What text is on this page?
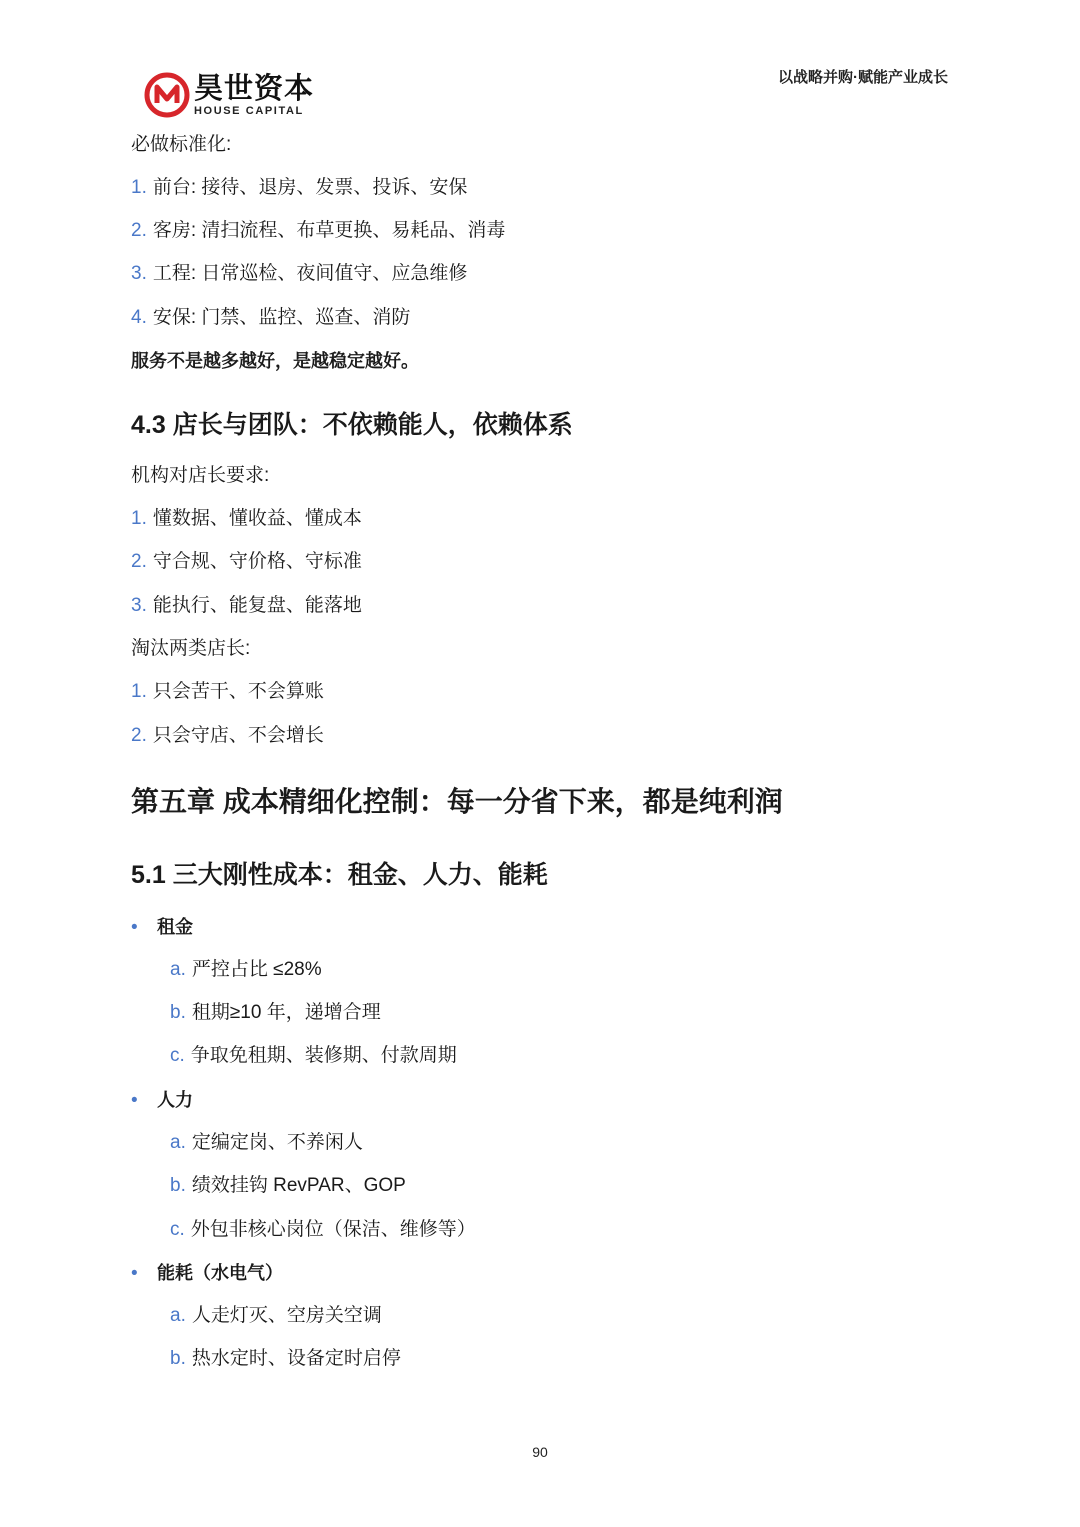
昊世资本
HOUSE CAPITAL
以战略并购·赋能产业成长
必做标准化:
1. 前台: 接待、退房、发票、投诉、安保
2. 客房: 清扫流程、布草更换、易耗品、消毒
3. 工程: 日常巡检、夜间值守、应急维修
4. 安保: 门禁、监控、巡查、消防
服务不是越多越好，是越稳定越好。
4.3 店长与团队：不依赖能人，依赖体系
机构对店长要求:
1. 懂数据、懂收益、懂成本
2. 守合规、守价格、守标准
3. 能执行、能复盘、能落地
淘汰两类店长:
1. 只会苦干、不会算账
2. 只会守店、不会增长
第五章 成本精细化控制：每一分省下来，都是纯利润
5.1 三大刚性成本：租金、人力、能耗
• 租金
a. 严控占比 ≤28%
b. 租期≥10 年，递增合理
c. 争取免租期、装修期、付款周期
• 人力
a. 定编定岗、不养闲人
b. 绩效挂钩 RevPAR、GOP
c. 外包非核心岗位（保洁、维修等）
• 能耗（水电气）
a. 人走灯灭、空房关空调
b. 热水定时、设备定时启停
90
